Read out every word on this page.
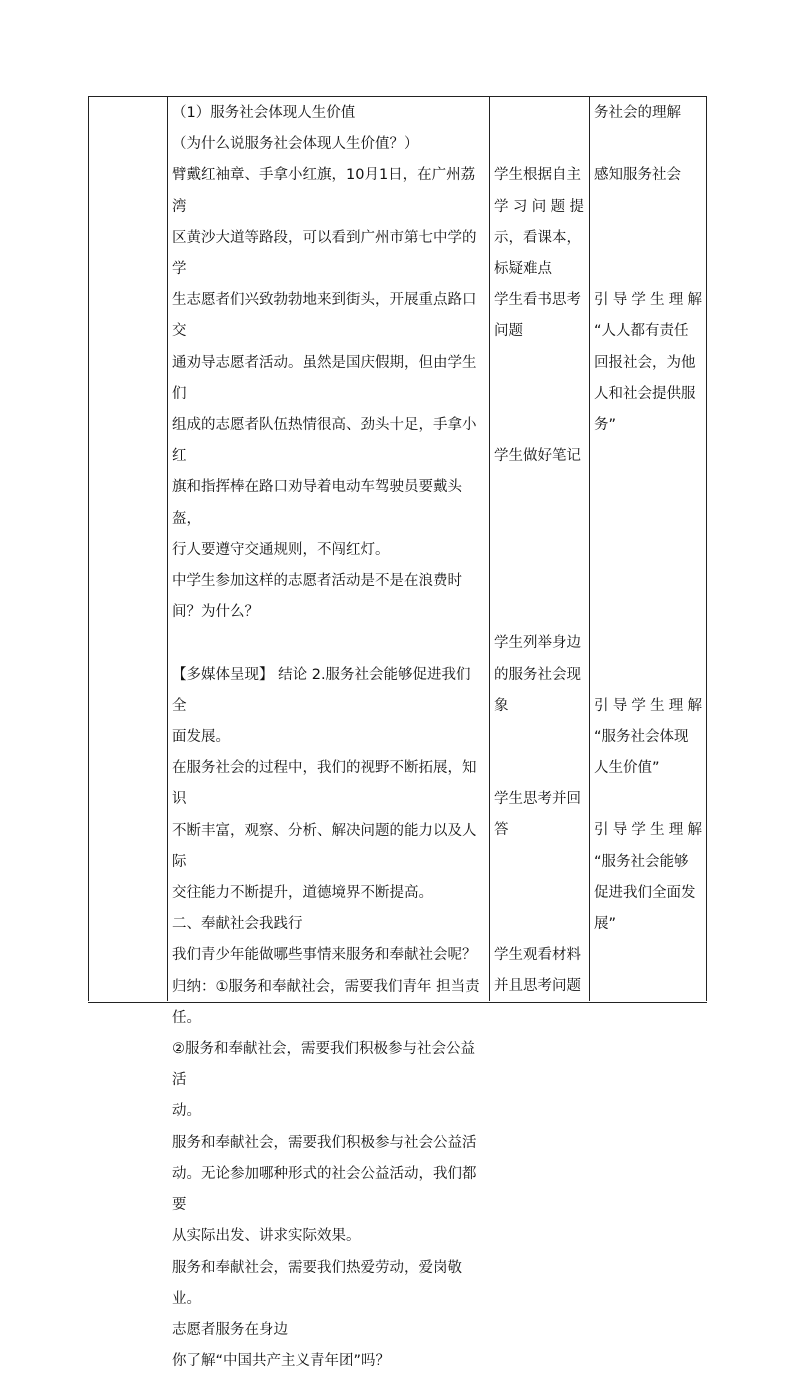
（1）服务社会体现人生价值

（为什么说服务社会体现人生价值？）

臂戴红袖章、手拿小红旗，10月1日，在广州荔湾

区黄沙大道等路段，可以看到广州市第七中学的学

生志愿者们兴致勃勃地来到街头，开展重点路口交

通劝导志愿者活动。虽然是国庆假期，但由学生们

组成的志愿者队伍热情很高、劲头十足，手拿小红

旗和指挥棒在路口劝导着电动车驾驶员要戴头盔，

行人要遵守交通规则，不闯红灯。

中学生参加这样的志愿者活动是不是在浪费时

间？为什么？

【多媒体呈现】 结论 2.服务社会能够促进我们全

面发展。

在服务社会的过程中，我们的视野不断拓展，知识

不断丰富，观察、分析、解决问题的能力以及人际

交往能力不断提升，道德境界不断提高。

二、奉献社会我践行

我们青少年能做哪些事情来服务和奉献社会呢？

归纳：①服务和奉献社会，需要我们青年 担当责

任。

②服务和奉献社会，需要我们积极参与社会公益活

动。

服务和奉献社会，需要我们积极参与社会公益活

动。无论参加哪种形式的社会公益活动，我们都要

从实际出发、讲求实际效果。

服务和奉献社会，需要我们热爱劳动，爱岗敬业。

志愿者服务在身边

你了解“中国共产主义青年团”吗？

学生根据自主

学习问题提

示，看课本，

标疑难点

学生看书思考

问题

学生做好笔记

学生列举身边

的服务社会现

象

学生思考并回

答

学生观看材料

并且思考问题

务社会的理解

感知服务社会

引导学生理解

“人人都有责任

回报社会，为他

人和社会提供服

务”

引导学生理解

“服务社会体现

人生价值”

引导学生理解

“服务社会能够

促进我们全面发

展”
